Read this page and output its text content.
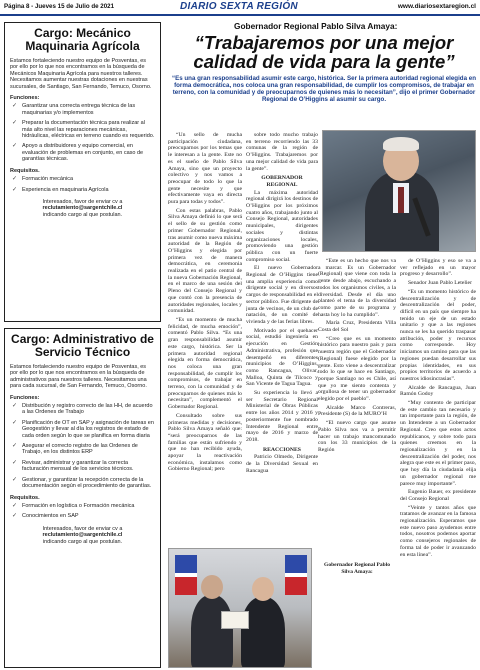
Página 8 - Jueves 15 de Julio de 2021	DIARIO SEXTA REGIÓN	www.diariosextaregion.cl
Cargo: Mecánico Maquinaria Agrícola

Estamos fortaleciendo nuestro equipo de Posventas, es por ello por lo que nos encontramos en la búsqueda de Mecánicos Maquinaria Agrícola para nuestros talleres. Necesitamos aumentar nuestras dotaciones en nuestras sucursales, de Santiago, San Fernando, Temuco, Osorno.

Funciones:
✓ Garantizar una correcta entrega técnica de las maquinarias y/o implementos
✓ Preparar la documentación técnica para realizar al más alto nivel las reparaciones mecánicas, hidráulicas, eléctricas en terreno cuando es requerido.
✓ Apoyo a distribuidores y equipo comercial, en evaluación de problemas en conjunto, en caso de garantías técnicas.
Requisitos.
✓ Formación mecánica
✓ Experiencia en maquinaria Agrícola

Interesados, favor de enviar cv a
reclutamiento@sargentchile.cl
indicando cargo al que postulan.

Cargo: Administrativo de Servicio Técnico

Estamos fortaleciendo nuestro equipo de Posventas, es por ello por lo que nos encontramos en la búsqueda de administrativos para nuestros talleres. Necesitamos una para cada sucursal, de San Fernando, Temuco, Osorno.

Funciones:
✓ Distribución y registro correcto de las HH, de acuerdo a las Ordenes de Trabajo
✓ Planificación de OT en SAP y asignación de tareas en Geogestión y llevar al día los registros de estado de cada orden según lo que se planifica en forma diaria
✓ Asegurar el correcto registro de las Ordenes de Trabajo, en los distintos ERP
✓ Revisar, administrar y garantizar la correcta facturación mensual de los servicios técnicos.
✓ Gestionar, y garantizar la recepción correcta de la documentación según el procedimiento de garantías.
Requisitos.
✓ Formación en logística o Formación mecánica
✓ Conocimientos en SAP

Interesados, favor de enviar cv a
reclutamiento@sargentchile.cl
indicando cargo al que postulan.

Gobernador Regional Pablo Silva Amaya:
“Trabajaremos por una mejor calidad de vida para la gente”
“Es una gran responsabilidad asumir este cargo, histórica. Ser la primera autoridad regional elegida en forma democrática, nos coloca una gran responsabilidad, de cumplir los compromisos, de trabajar en terreno, con la comunidad y de preocuparnos de quienes más lo necesitan”, dijo el primer Gobernador Regional de O’Higgins al asumir su cargo.

“Un sello de mucha participación ciudadana, preocuparnos por los temas que le interesan a la gente. Este no es el sueño de Pablo Silva Amaya, sino que un proyecto colectivo y nos vamos a preocupar de todo lo que la gente necesite y que efectivamente vaya en directa pura para todas y todos”.

Con estas palabras, Pablo Silva Amaya definió lo que será el sello de su gestión como primer Gobernador Regional, tras asumir como nueva máxima autoridad de la Región de O’Higgins y elegida por primera vez de manera democrática, en ceremonia realizada en el patio central de la nueva Gobernación Regional, en el marco de una sesión del Pleno del Consejo Regional y que contó con la presencia de autoridades regionales, locales y comunidad.

“Es un momento de mucha felicidad, de mucha emoción”, comentó Pablo Silva. “Es una gran responsabilidad asumir este cargo, histórica. Ser la primera autoridad regional elegida en forma democrática, nos coloca una gran responsabilidad, de cumplir los compromisos, de trabajar en terreno, con la comunidad y de preocuparnos de quienes más lo necesitan”, complementó el Gobernador Regional.

Consultado sobre sus primeras medidas y decisiones, Pablo Silva Amaya señaló que: “será preocuparnos de las familias que están sufriendo y que no han recibido ayuda, apoyar la reactivación económica, instalamos como Gobierno Regional; pero

sobre todo mucho trabajo en terreno recorriendo las 33 comunas de la región de O’Higgins. Trabajaremos por una mejor calidad de vida para la gente”.

GOBERNADOR REGIONAL

La máxima autoridad regional dirigirá los destinos de O’Higgins por los próximos cuatro años, trabajando junto al Consejo Regional, autoridades municipales, dirigentes sociales y distintas organizaciones locales, promoviendo una gestión pública con un fuerte compromiso social.

El nuevo Gobernador Regional de O’Higgins tiene una amplia experiencia como dirigente social y en diversos cargos de responsabilidad en el sector público. Fue dirigente de junta de vecinos, de un club de natación, de un comité de vivienda y de las ferias libres.

Motivado por el quehacer social, estudió ingeniería en ejecución en Gestión Administrativa, profesión que desempeñó en diferentes municipios de O’Higgins, como Rancagua, Olivar, Malloa, Quinta de Tilcoco y San Vicente de Tagua Tagua.

Su experiencia lo llevó a ser Secretario Regional Ministerial de Obras Públicas entre los años 2014 y 2016 y posteriormente fue nombrado Intendente Regional entre mayo de 2016 y marzo de 2018.

REACCIONES

Patricio Olmedo, Dirigente de la Diversidad Sexual en Rancagua

“Este es un hecho que nos va a marcar. Es un Gobernador (Regional) que viene con toda la gente desde abajo, escuchando a todos los organismos civiles, a la diversidad. Desde el día uno planteó el tema de la diversidad como parte de su programa y hasta hoy lo ha cumplido”.

María Cruz, Presidenta Villa Costa del Sol

“Creo que es un momento histórico para nuestro país y para nuestra región que el Gobernador (Regional) fuese elegido por la gente. Esto viene a descentralizar todo lo que se hace en Santiago, porque Santiago no es Chile, así que yo me siento contenta y orgullosa de tener un gobernador elegido por el pueblo”.

Alcalde Marco Contreras, Presidente (S) de la MURO’H

“El nuevo cargo que asume Pablo Silva nos va a permitir hacer un trabajo mancomunado con los 33 municipios de la Región

de O’Higgins y eso se va a ver reflejado en un mayor progreso y desarrollo”.

Senador Juan Pablo Letelier

“Es un momento histórico de descentralización y de descentralización del poder, difícil en un país que siempre ha tenido un eje de un estado unitario y que a las regiones nunca se les ha querido traspasar atribución, poder y recursos como corresponde. Hoy iniciamos un camino para que las regiones puedan desarrollar sus propias identidades, en sus propios territorios de acuerdo a nuestros idiosincrasias”.

Alcalde de Rancagua, Juan Ramón Godoy

“Muy contento de participar de este cambio tan necesario y tan importante para la región, de un Intendente a un Gobernador Regional. Creo que estos actos republicanos, y sobre todo para quienes creemos en la regionalización y en la descentralización del poder, nos alegra que este es el primer paso, que hoy día la ciudadanía elija un gobernador regional me parece muy importante”.

Eugenio Bauer, ex presidente del Consejo Regional

“Veinte y tantos años que tratamos de avanzar en la famosa regionalización. Esperamos que este nuevo paso ayudemos entre todos, nosotros podemos aportar como consejeros regionales de forma tal de poder ir avanzando en esta línea”.

Gobernador Regional Pablo Silva Amaya:
